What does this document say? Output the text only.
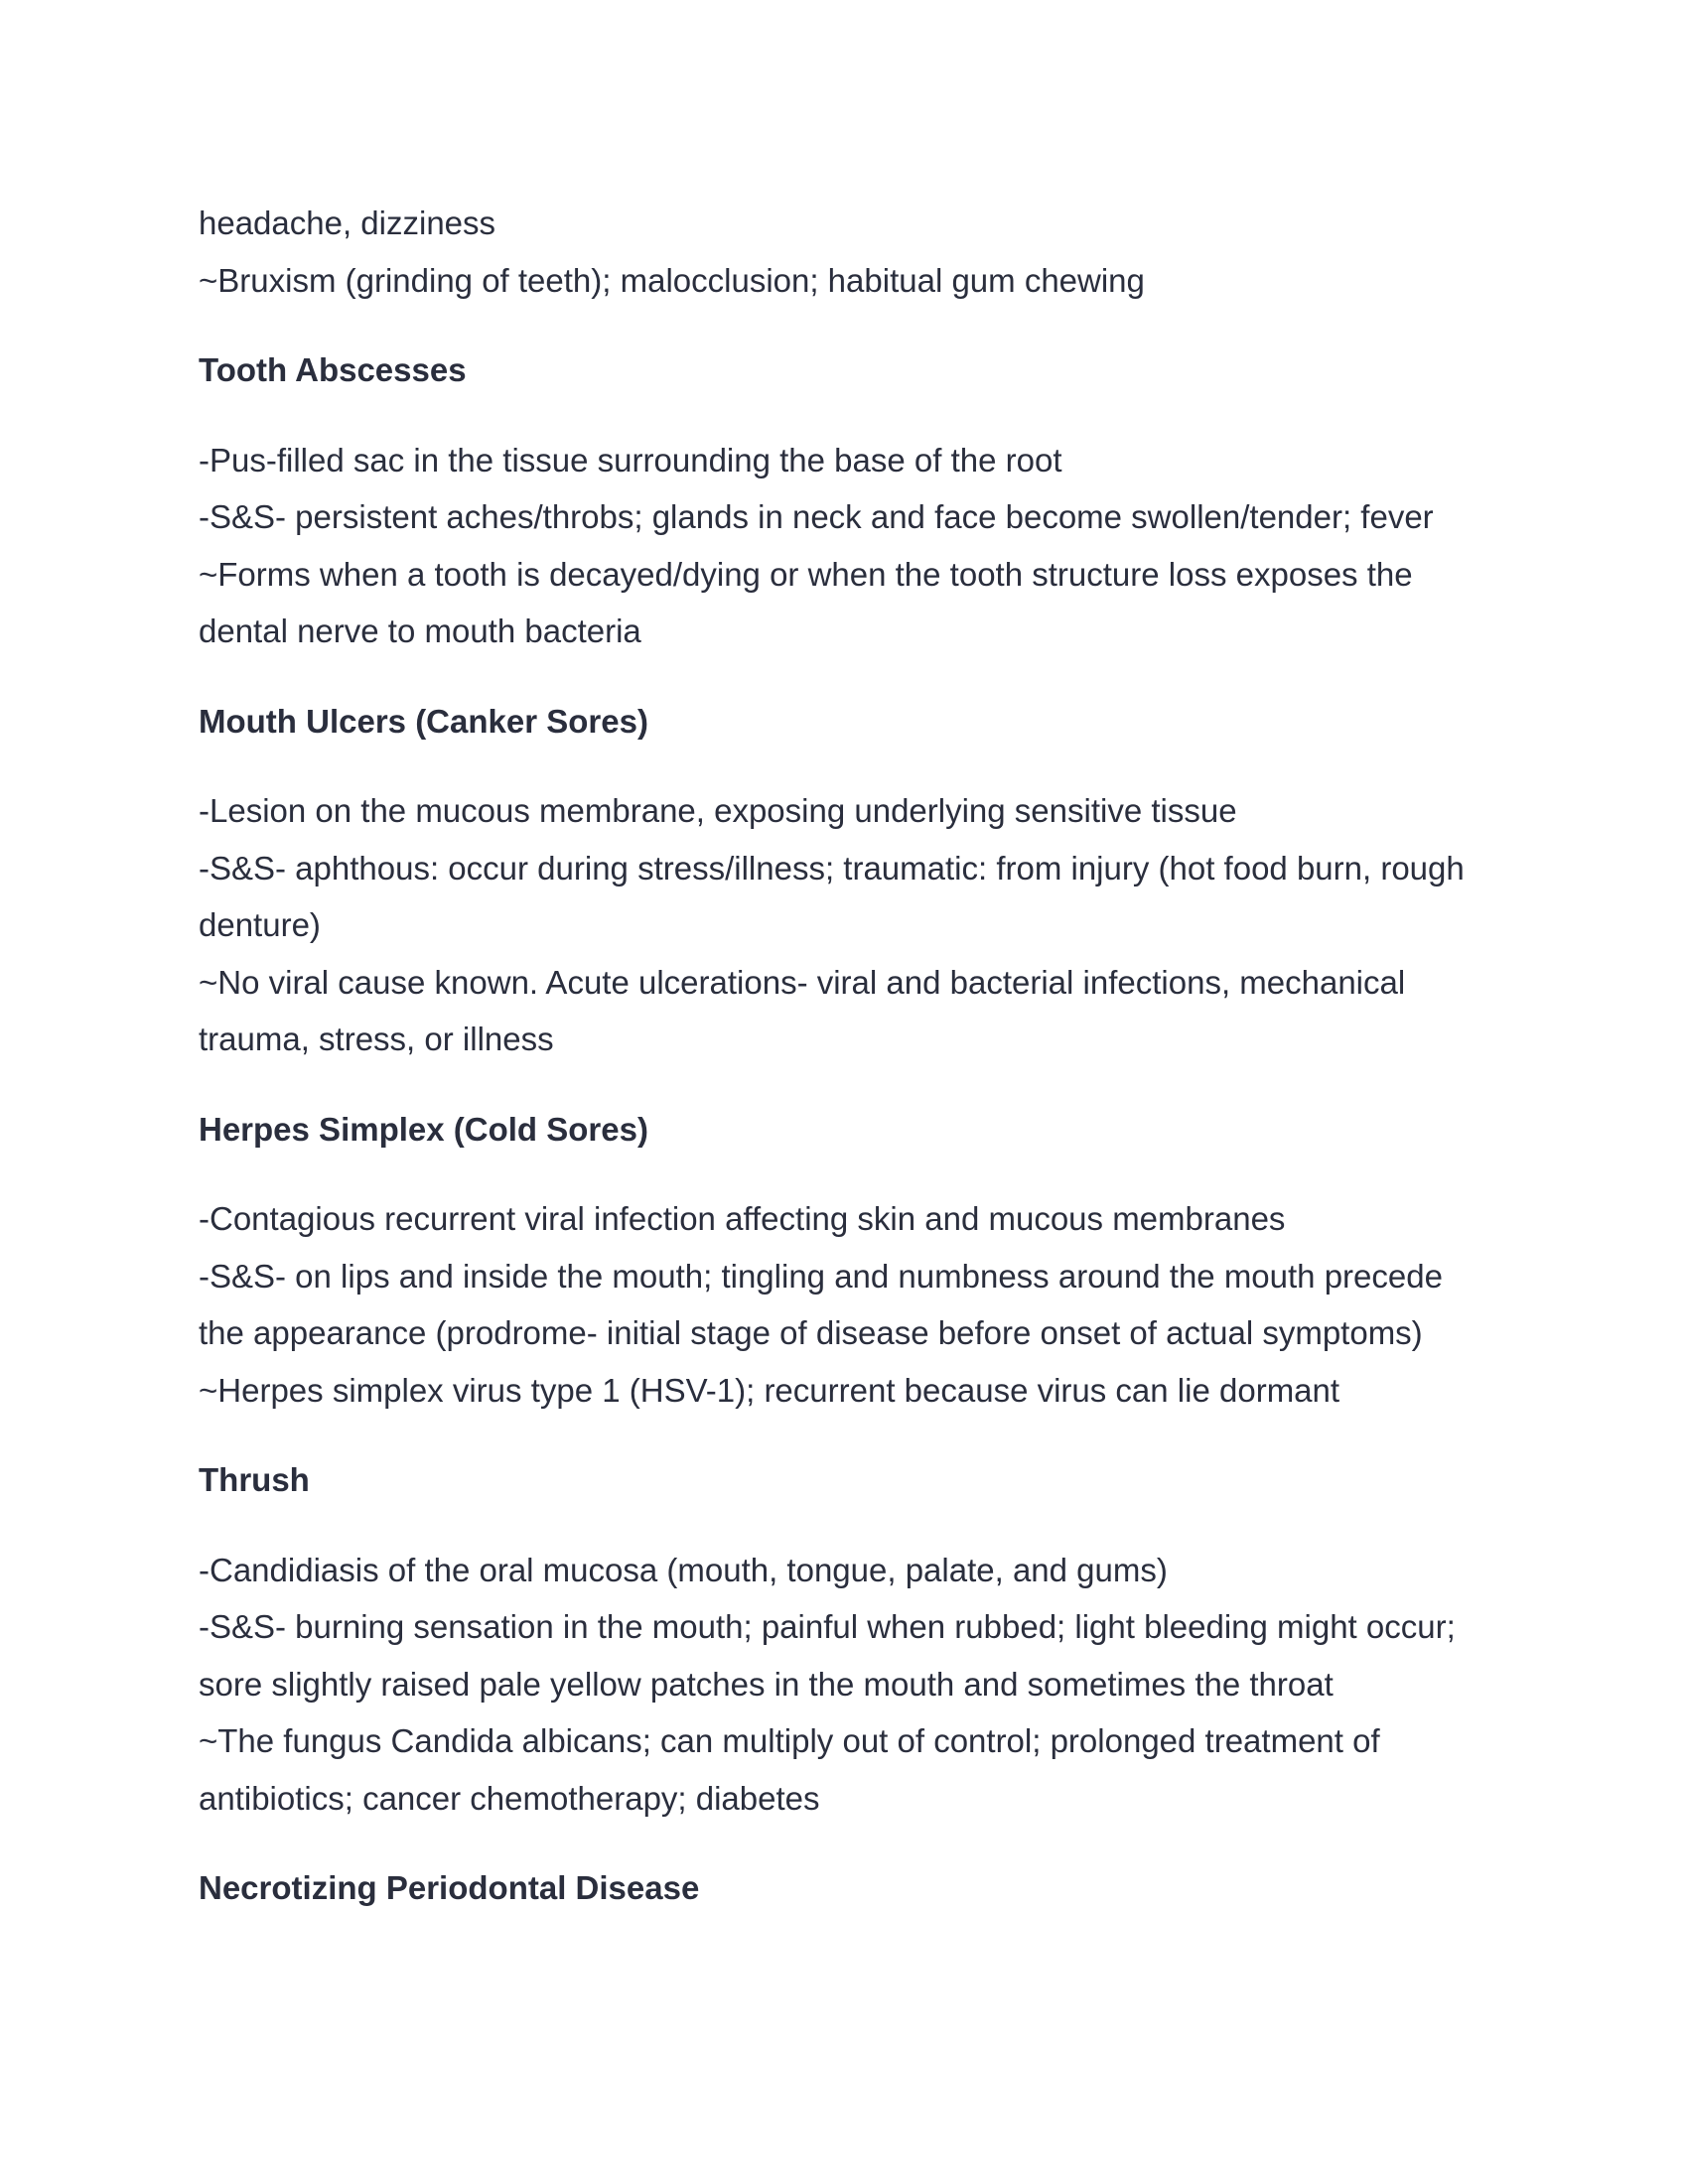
headache, dizziness

~Bruxism (grinding of teeth); malocclusion; habitual gum chewing

Tooth Abscesses

-Pus-filled sac in the tissue surrounding the base of the root

-S&S- persistent aches/throbs; glands in neck and face become swollen/tender; fever

~Forms when a tooth is decayed/dying or when the tooth structure loss exposes the

dental nerve to mouth bacteria

Mouth Ulcers (Canker Sores)

-Lesion on the mucous membrane, exposing underlying sensitive tissue

-S&S- aphthous: occur during stress/illness; traumatic: from injury (hot food burn, rough

denture)

~No viral cause known. Acute ulcerations- viral and bacterial infections, mechanical

trauma, stress, or illness

Herpes Simplex (Cold Sores)

-Contagious recurrent viral infection affecting skin and mucous membranes

-S&S- on lips and inside the mouth; tingling and numbness around the mouth precede

the appearance (prodrome- initial stage of disease before onset of actual symptoms)

~Herpes simplex virus type 1 (HSV-1); recurrent because virus can lie dormant

Thrush

-Candidiasis of the oral mucosa (mouth, tongue, palate, and gums)

-S&S- burning sensation in the mouth; painful when rubbed; light bleeding might occur;

sore slightly raised pale yellow patches in the mouth and sometimes the throat

~The fungus Candida albicans; can multiply out of control; prolonged treatment of

antibiotics; cancer chemotherapy; diabetes

Necrotizing Periodontal Disease
